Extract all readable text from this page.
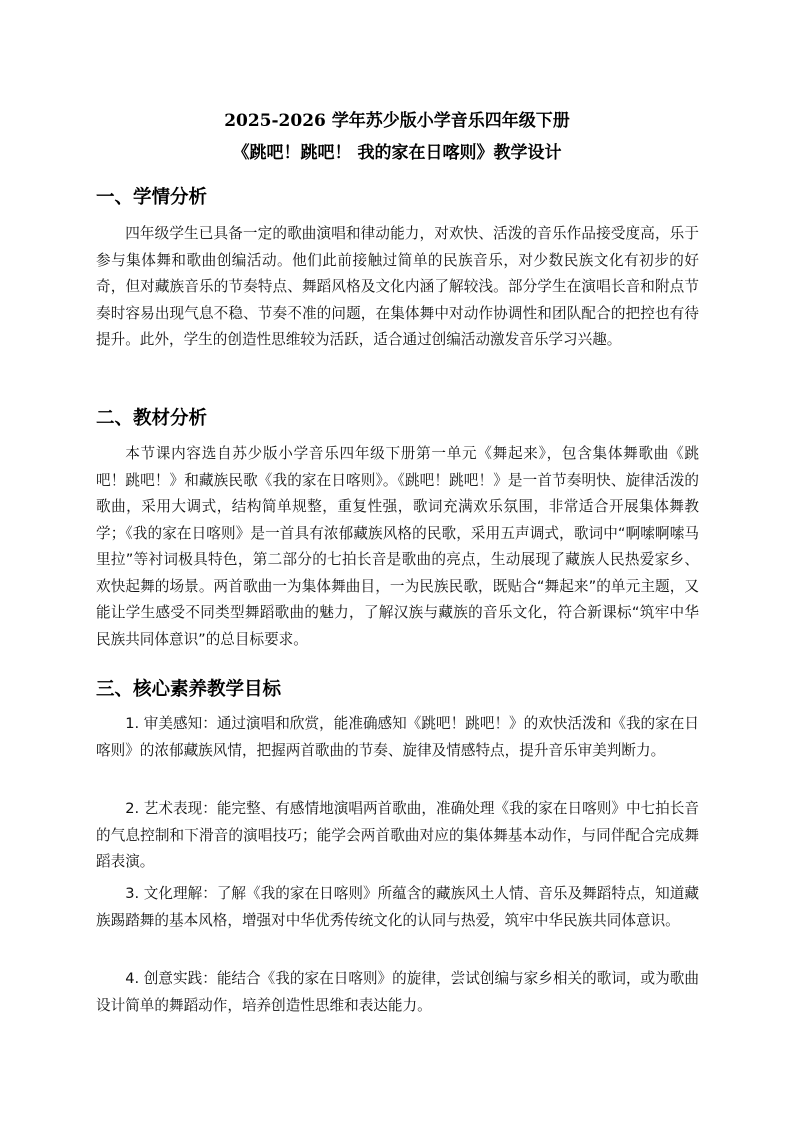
2025-2026 学年苏少版小学音乐四年级下册
《跳吧！跳吧！ 我的家在日喀则》教学设计
一、学情分析
四年级学生已具备一定的歌曲演唱和律动能力，对欢快、活泼的音乐作品接受度高，乐于参与集体舞和歌曲创编活动。他们此前接触过简单的民族音乐，对少数民族文化有初步的好奇，但对藏族音乐的节奏特点、舞蹈风格及文化内涵了解较浅。部分学生在演唱长音和附点节奏时容易出现气息不稳、节奏不准的问题，在集体舞中对动作协调性和团队配合的把控也有待提升。此外，学生的创造性思维较为活跃，适合通过创编活动激发音乐学习兴趣。
二、教材分析
本节课内容选自苏少版小学音乐四年级下册第一单元《舞起来》，包含集体舞歌曲《跳吧！跳吧！》和藏族民歌《我的家在日喀则》。《跳吧！跳吧！》是一首节奏明快、旋律活泼的歌曲，采用大调式，结构简单规整，重复性强，歌词充满欢乐氛围，非常适合开展集体舞教学；《我的家在日喀则》是一首具有浓郁藏族风格的民歌，采用五声调式，歌词中“啊嗦啊嗦马里拉”等衬词极具特色，第二部分的七拍长音是歌曲的亮点，生动展现了藏族人民热爱家乡、欢快起舞的场景。两首歌曲一为集体舞曲目，一为民族民歌，既贴合“舞起来”的单元主题，又能让学生感受不同类型舞蹈歌曲的魅力，了解汉族与藏族的音乐文化，符合新课标“筑牢中华民族共同体意识”的总目标要求。
三、核心素养教学目标
1. 审美感知：通过演唱和欣赏，能准确感知《跳吧！跳吧！》的欢快活泼和《我的家在日喀则》的浓郁藏族风情，把握两首歌曲的节奏、旋律及情感特点，提升音乐审美判断力。
2. 艺术表现：能完整、有感情地演唱两首歌曲，准确处理《我的家在日喀则》中七拍长音的气息控制和下滑音的演唱技巧；能学会两首歌曲对应的集体舞基本动作，与同伴配合完成舞蹈表演。
3. 文化理解：了解《我的家在日喀则》所蕴含的藏族风土人情、音乐及舞蹈特点，知道藏族踢踏舞的基本风格，增强对中华优秀传统文化的认同与热爱，筑牢中华民族共同体意识。
4. 创意实践：能结合《我的家在日喀则》的旋律，尝试创编与家乡相关的歌词，或为歌曲设计简单的舞蹈动作，培养创造性思维和表达能力。
